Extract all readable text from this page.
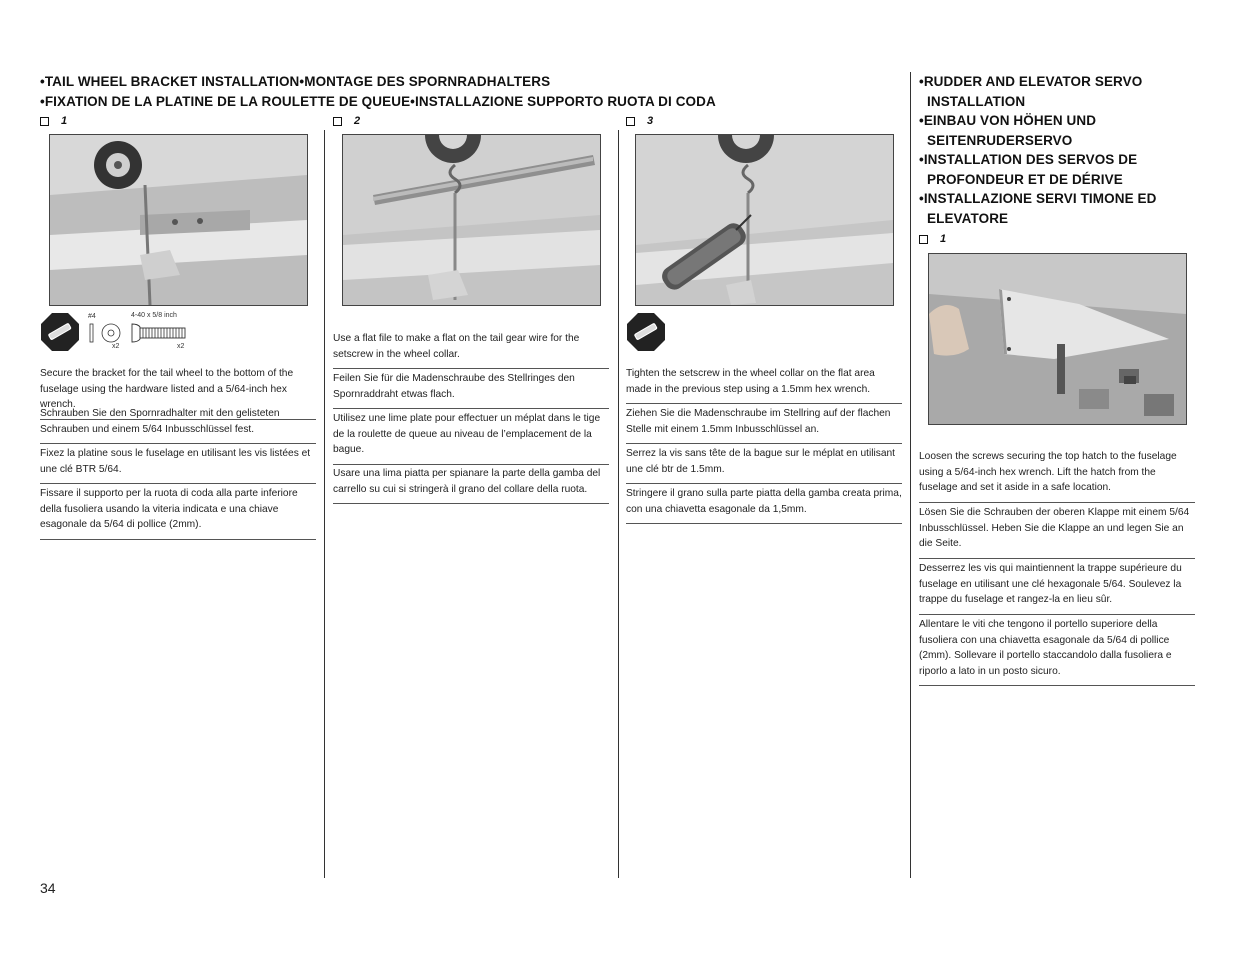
•TAIL WHEEL BRACKET INSTALLATION•MONTAGE DES SPORNRADHALTERS
•FIXATION DE LA PLATINE DE LA ROULETTE DE QUEUE•INSTALLAZIONE SUPPORTO RUOTA DI CODA
•RUDDER AND ELEVATOR SERVO
INSTALLATION
•EINBAU VON HÖHEN UND
SEITENRUDERSERVO
•INSTALLATION DES SERVOS DE
PROFONDEUR ET DE DÉRIVE
•INSTALLAZIONE SERVI TIMONE ED
ELEVATORE
1
#4
x2
4-40 x 5/8 inch
x2
Secure the bracket for the tail wheel to the bottom of the fuselage using the hardware listed and a 5/64-inch hex wrench.
Schrauben Sie den Spornradhalter mit den gelisteten Schrauben und einem 5/64 Inbusschlüssel fest.
Fixez la platine sous le fuselage en utilisant les vis listées et une clé BTR 5/64.
Fissare il supporto per la ruota di coda alla parte inferiore della fusoliera usando la viteria indicata e una chiave esagonale da 5/64 di pollice (2mm).
2
Use a flat file to make a flat on the tail gear wire for the setscrew in the wheel collar.
Feilen Sie für die Madenschraube des Stellringes den Spornraddraht etwas flach.
Utilisez une lime plate pour effectuer un méplat dans le tige de la roulette de queue au niveau de l’emplacement de la bague.
Usare una lima piatta per spianare la parte della gamba del carrello su cui si stringerà il grano del collare della ruota.
3
Tighten the setscrew in the wheel collar on the flat area made in the previous step using a 1.5mm hex wrench.
Ziehen Sie die Madenschraube im Stellring auf der flachen Stelle mit einem 1.5mm Inbusschlüssel an.
Serrez la vis sans tête de la bague sur le méplat en utilisant une clé btr de 1.5mm.
Stringere il grano sulla parte piatta della gamba creata prima, con una chiavetta esagonale da 1,5mm.
1
Loosen the screws securing the top hatch to the fuselage using a 5/64-inch hex wrench. Lift the hatch from the fuselage and set it aside in a safe location.
Lösen Sie die Schrauben der oberen Klappe mit einem 5/64 Inbusschlüssel. Heben Sie die Klappe an und legen Sie an die Seite.
Desserrez les vis qui maintiennent la trappe supérieure du fuselage en utilisant une clé hexagonale 5/64. Soulevez la trappe du fuselage et rangez-la en lieu sûr.
Allentare le viti che tengono il portello superiore della fusoliera con una chiavetta esagonale da 5/64 di pollice (2mm). Sollevare il portello staccandolo dalla fusoliera e riporlo a lato in un posto sicuro.
34
